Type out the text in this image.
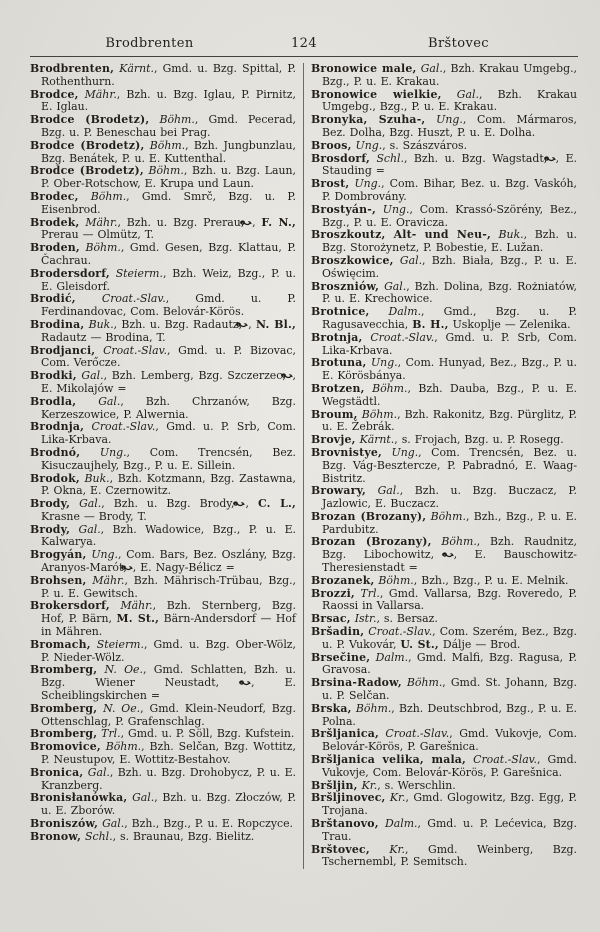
Brodbrenten	124	Brštovec

Brodbrenten, Kärnt., Gmd. u. Bzg. Spittal, P. Rothenthurn.

Brodce, Mähr., Bzh. u. Bzg. Iglau, P. Pirnitz, E. Iglau.

Brodce (Brodetz), Böhm., Gmd. Pecerad, Bzg. u. P. Beneschau bei Prag.

Brodce (Brodetz), Böhm., Bzh. Jungbunzlau, Bzg. Benátek, P. u. E. Kuttenthal.

Brodce (Brodetz), Böhm., Bzh. u. Bzg. Laun, P. Ober-Rotschow, E. Krupa und Laun.

Brodec, Böhm., Gmd. Smrč, Bzg. u. P. Eisenbrod.

Brodek, Mähr., Bzh. u. Bzg. Prerau, , F. N., Prerau — Olmütz, T.

Broden, Böhm., Gmd. Gesen, Bzg. Klattau, P. Čachrau.

Brodersdorf, Steierm., Bzh. Weiz, Bzg., P. u. E. Gleisdorf.

Brodić, Croat.-Slav., Gmd. u. P. Ferdinandovac, Com. Belovár-Körös.

Brodina, Buk., Bzh. u. Bzg. Radautz, , N. Bl., Radautz — Brodina, T.

Brodjanci, Croat.-Slav., Gmd. u. P. Bizovac, Com. Verőcze.

Brodki, Gal., Bzh. Lemberg, Bzg. Szczerzec, , E. Mikolajów =

Brodla, Gal., Bzh. Chrzanów, Bzg. Kerzeszowice, P. Alwernia.

Brodnja, Croat.-Slav., Gmd. u. P. Srb, Com. Lika-Krbava.

Brodnó, Ung., Com. Trencsén, Bez. Kisuczaujhely, Bzg., P. u. E. Sillein.

Brodok, Buk., Bzh. Kotzmann, Bzg. Zastawna, P. Okna, E. Czernowitz.

Brody, Gal., Bzh. u. Bzg. Brody, , C. L., Krasne — Brody, T.

Brody, Gal., Bzh. Wadowice, Bzg., P. u. E. Kalwarya.

Brogyán, Ung., Com. Bars, Bez. Oszlány, Bzg. Aranyos-Marót, , E. Nagy-Bélicz =

Brohsen, Mähr., Bzh. Mährisch-Trübau, Bzg., P. u. E. Gewitsch.

Brokersdorf, Mähr., Bzh. Sternberg, Bzg. Hof, P. Bärn, M. St., Bärn-Andersdorf — Hof in Mähren.

Bromach, Steierm., Gmd. u. Bzg. Ober-Wölz, P. Nieder-Wölz.

Bromberg, N. Oe., Gmd. Schlatten, Bzh. u. Bzg. Wiener Neustadt, , E. Scheiblingskirchen =

Bromberg, N. Oe., Gmd. Klein-Neudorf, Bzg. Ottenschlag, P. Grafenschlag.

Bromberg, Trl., Gmd. u. P. Söll, Bzg. Kufstein.

Bromovice, Böhm., Bzh. Selčan, Bzg. Wottitz, P. Neustupov, E. Wottitz-Bestahov.

Bronica, Gal., Bzh. u. Bzg. Drohobycz, P. u. E. Kranzberg.

Bronisłanówka, Gal., Bzh. u. Bzg. Złoczów, P. u. E. Zborów.

Broniszów, Gal., Bzh., Bzg., P. u. E. Ropczyce.

Bronow, Schl., s. Braunau, Bzg. Bielitz.

Bronowice male, Gal., Bzh. Krakau Umgebg., Bzg., P. u. E. Krakau.

Bronowice wielkie, Gal., Bzh. Krakau Umgebg., Bzg., P. u. E. Krakau.

Bronyka, Szuha-, Ung., Com. Mármaros, Bez. Dolha, Bzg. Huszt, P. u. E. Dolha.

Broos, Ung., s. Szászváros.

Brosdorf, Schl., Bzh. u. Bzg. Wagstadt, , E. Stauding =

Brost, Ung., Com. Bihar, Bez. u. Bzg. Vaskóh, P. Dombrovány.

Brostyán-, Ung., Com. Krassó-Szörény, Bez., Bzg., P. u. E. Oravicza.

Broszkoutz, Alt- und Neu-, Buk., Bzh. u. Bzg. Storożynetz, P. Bobestie, E. Lužan.

Broszkowice, Gal., Bzh. Biała, Bzg., P. u. E. Oświęcim.

Broszniów, Gal., Bzh. Dolina, Bzg. Rożniatów, P. u. E. Krechowice.

Brotnice, Dalm., Gmd., Bzg. u. P. Ragusavecchia, B. H., Uskoplje — Zelenika.

Brotnja, Croat.-Slav., Gmd. u. P. Srb, Com. Lika-Krbava.

Brotuna, Ung., Com. Hunyad, Bez., Bzg., P. u. E. Körösbánya.

Brotzen, Böhm., Bzh. Dauba, Bzg., P. u. E. Wegstädtl.

Broum, Böhm., Bzh. Rakonitz, Bzg. Pürglitz, P. u. E. Žebrák.

Brovje, Kärnt., s. Frojach, Bzg. u. P. Rosegg.

Brovnistye, Ung., Com. Trencsén, Bez. u. Bzg. Vág-Besztercze, P. Pabradnó, E. Waag-Bistritz.

Browary, Gal., Bzh. u. Bzg. Buczacz, P. Jazlowic, E. Buczacz.

Brozan (Brozany), Böhm., Bzh., Bzg., P. u. E. Pardubitz.

Brozan (Brozany), Böhm., Bzh. Raudnitz, Bzg. Libochowitz, , E. Bauschowitz-Theresienstadt =

Brozanek, Böhm., Bzh., Bzg., P. u. E. Melnik.

Brozzi, Trl., Gmd. Vallarsa, Bzg. Roveredo, P. Raossi in Vallarsa.

Brsac, Istr., s. Bersaz.

Bršadin, Croat.-Slav., Com. Szerém, Bez., Bzg. u. P. Vukovár, U. St., Dálje — Brod.

Brsečine, Dalm., Gmd. Malfi, Bzg. Ragusa, P. Gravosa.

Brsina-Radow, Böhm., Gmd. St. Johann, Bzg. u. P. Selčan.

Brska, Böhm., Bzh. Deutschbrod, Bzg., P. u. E. Polna.

Bršljanica, Croat.-Slav., Gmd. Vukovje, Com. Belovár-Körös, P. Garešnica.

Bršljanica velika, mala, Croat.-Slav., Gmd. Vukovje, Com. Belovár-Körös, P. Garešnica.

Bršljin, Kr., s. Werschlin.

Bršljinovec, Kr., Gmd. Glogowitz, Bzg. Egg, P. Trojana.

Brštanovo, Dalm., Gmd. u. P. Lećevica, Bzg. Trau.

Brštovec, Kr., Gmd. Weinberg, Bzg. Tschernembl, P. Semitsch.
